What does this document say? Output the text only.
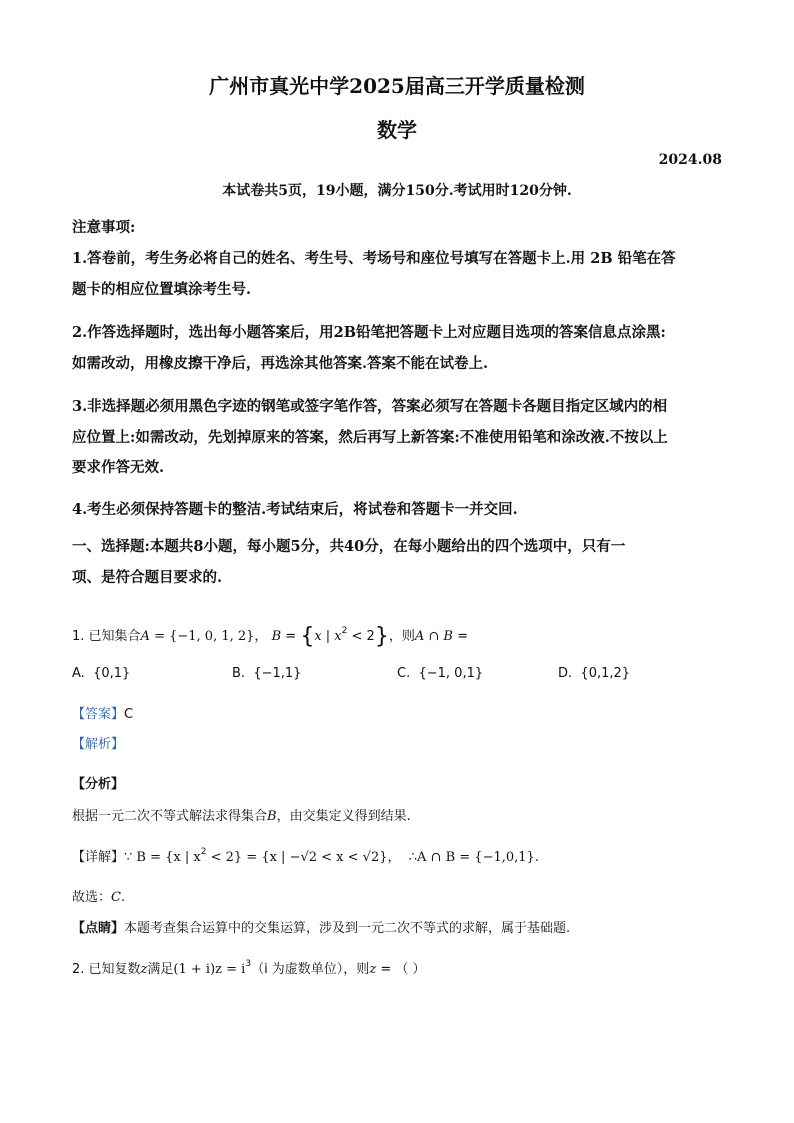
广州市真光中学2025届高三开学质量检测
数学
2024.08
本试卷共5页，19小题，满分150分.考试用时120分钟.
注意事项:
1.答卷前，考生务必将自己的姓名、考生号、考场号和座位号填写在答题卡上.用 2B 铅笔在答
题卡的相应位置填涂考生号.
2.作答选择题时，选出每小题答案后，用2B铅笔把答题卡上对应题目选项的答案信息点涂黑:
如需改动，用橡皮擦干净后，再选涂其他答案.答案不能在试卷上.
3.非选择题必须用黑色字迹的钢笔或签字笔作答，答案必须写在答题卡各题目指定区域内的相
应位置上:如需改动，先划掉原来的答案，然后再写上新答案:不准使用铅笔和涂改液.不按以上
要求作答无效.
4.考生必须保持答题卡的整洁.考试结束后，将试卷和答题卡一并交回.
一、选择题:本题共8小题，每小题5分，共40分，在每小题给出的四个选项中，只有一
项、是符合题目要求的.
1. 已知集合A = {−1, 0, 1, 2}， B = {x | $x^2 < 2$}，则A ∩ B =
A. {0,1}	B. {−1,1}	C. {−1, 0,1}	D. {0,1,2}
【答案】C
【解析】
【分析】
根据一元二次不等式解法求得集合B，由交集定义得到结果.
【详解】∵ B = {x | $x^2 < 2\} = \{x$ | −√2 < x < √2}， ∴A ∩ B = {−1,0,1}.
故选：C.
【点睛】本题考查集合运算中的交集运算，涉及到一元二次不等式的求解，属于基础题.
2. 已知复数z满足$(1 + i)z = i^3(i$ 为虚数单位），则z = （ ）
